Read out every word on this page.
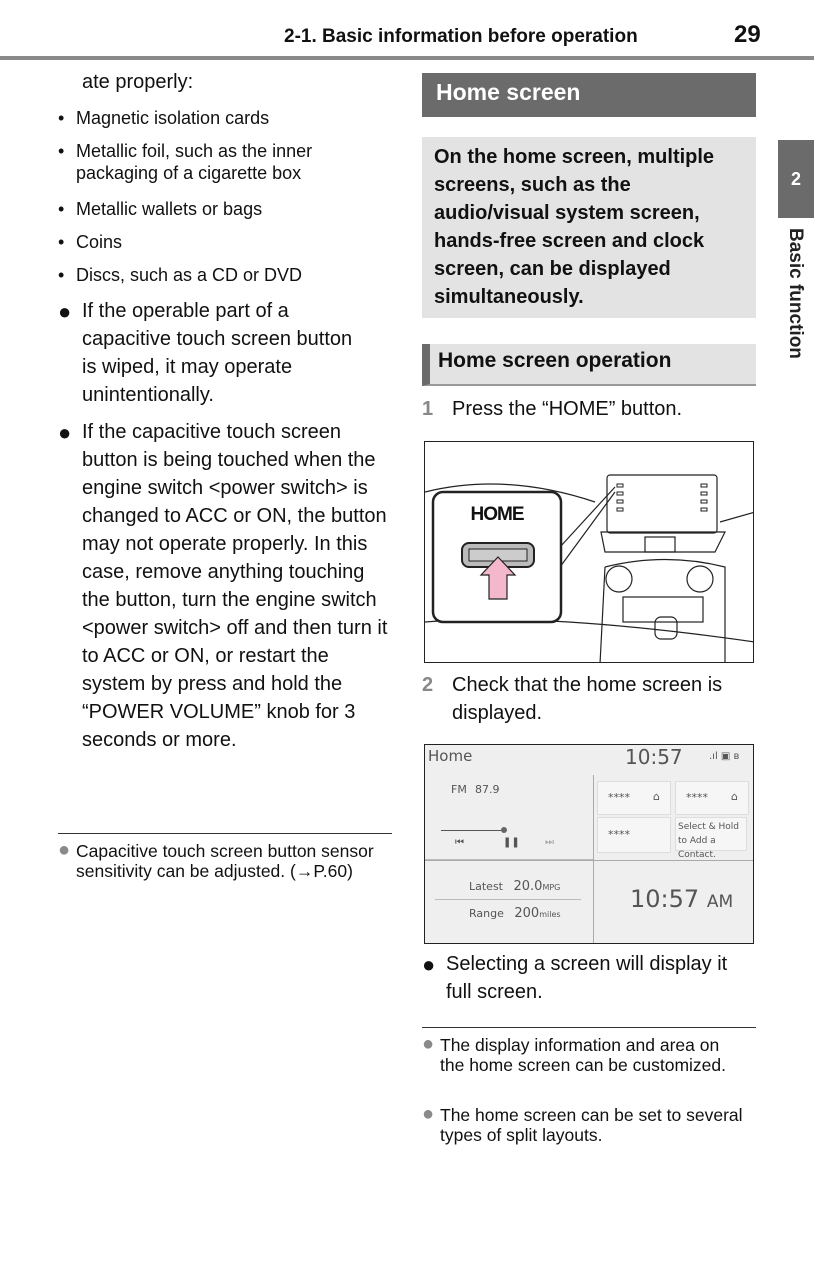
2-1. Basic information before operation	29
2
Basic function
ate properly:
• Magnetic isolation cards
• Metallic foil, such as the inner packaging of a cigarette box
• Metallic wallets or bags
• Coins
• Discs, such as a CD or DVD
● If the operable part of a capacitive touch screen button is wiped, it may operate unintentionally.
● If the capacitive touch screen button is being touched when the engine switch <power switch> is changed to ACC or ON, the button may not operate properly. In this case, remove anything touching the button, turn the engine switch <power switch> off and then turn it to ACC or ON, or restart the system by press and hold the “POWER VOLUME” knob for 3 seconds or more.
● Capacitive touch screen button sensor sensitivity can be adjusted. (→P.60)
Home screen
On the home screen, multiple screens, such as the audio/visual system screen, hands-free screen and clock screen, can be displayed simultaneously.
Home screen operation
1 Press the “HOME” button.
HOME
2 Check that the home screen is displayed.
Home	10:57	.ıl ▣ ʙ
FM 87.9
⏮	❚❚	⏭
**** ⌂ **** ⌂
****
Select & Hold to Add a Contact.
Latest 20.0MPG
Range 200miles
10:57 AM
● Selecting a screen will display it full screen.
● The display information and area on the home screen can be customized.
● The home screen can be set to several types of split layouts.
